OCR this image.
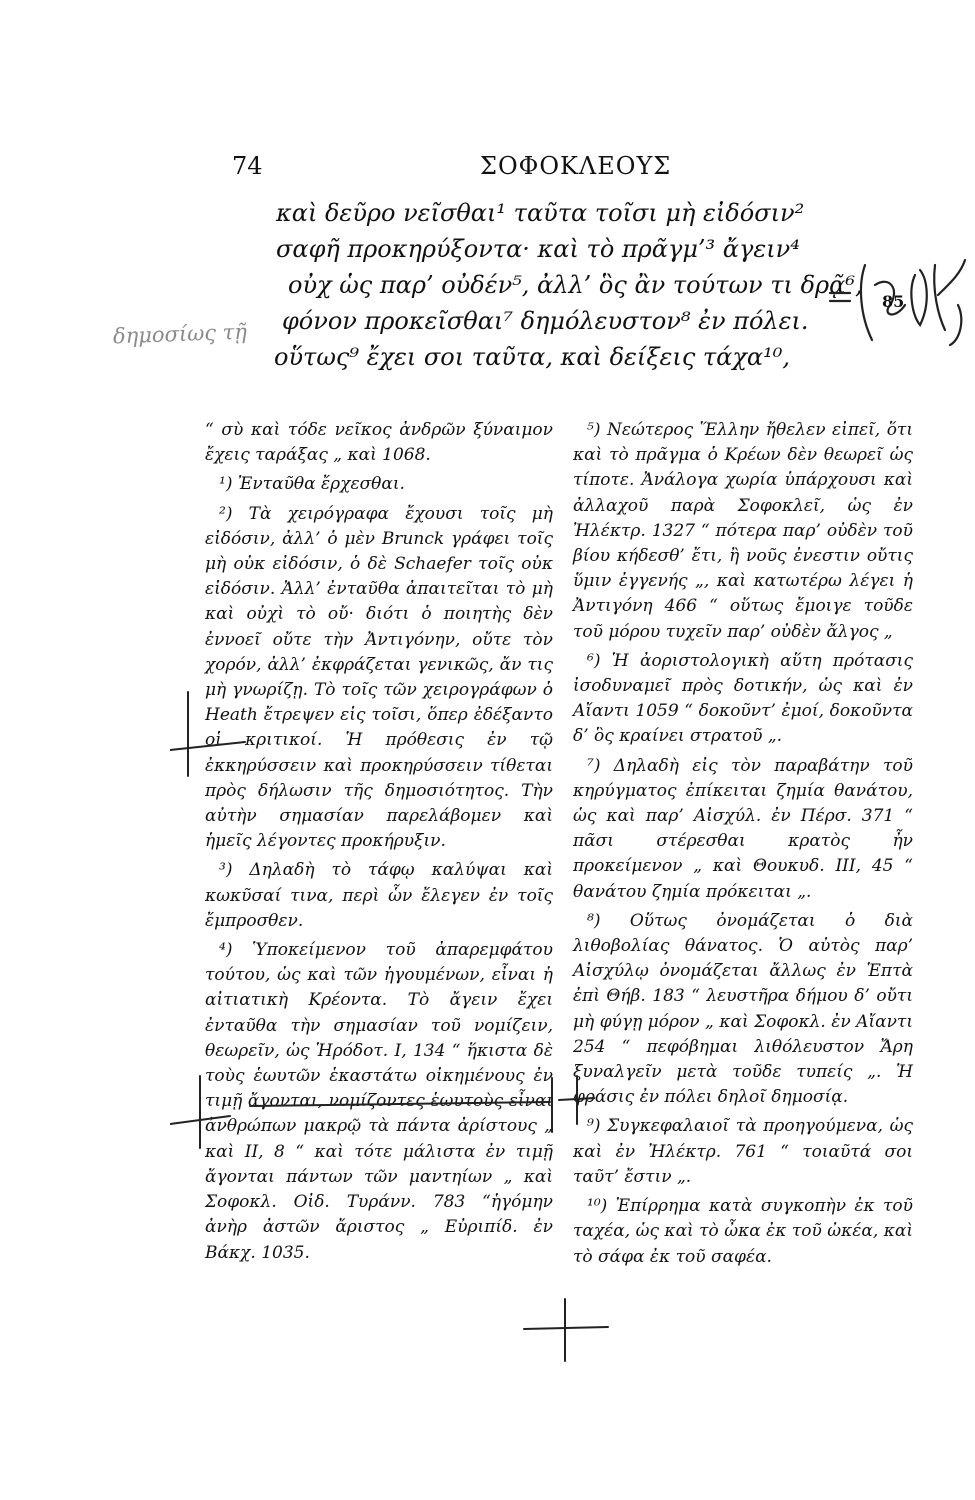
74	ΣΟΦΟΚΛΕΟΥΣ
καὶ δεῦρο νεῖσθαι¹ ταῦτα τοῖσι μὴ εἰδόσιν²
σαφῆ προκηρύξοντα· καὶ τὸ πρᾶγμ’³ ἄγειν⁴
οὐχ ὡς παρ’ οὐδέν⁵, ἀλλ’ ὃς ἂν τούτων τι δρᾷ⁶,
φόνον προκεῖσθαι⁷ δημόλευστον⁸ ἐν πόλει.
οὕτως⁹ ἔχει σοι ταῦτα, καὶ δείξεις τάχα¹⁰,
δημοσίως τῇ
85

“ σὺ καὶ τόδε νεῖκος ἀνδρῶν ξύναιμον ἔχεις ταράξας „ καὶ 1068.

¹) Ἐνταῦθα ἔρχεσθαι.

²) Τὰ χειρόγραφα ἔχουσι τοῖς μὴ εἰδόσιν, ἀλλ’ ὁ μὲν Brunck γράφει τοῖς μὴ οὐκ εἰδόσιν, ὁ δὲ Schaefer τοῖς οὐκ εἰδόσιν. Ἀλλ’ ἐνταῦθα ἀπαιτεῖται τὸ μὴ καὶ οὐχὶ τὸ οὔ· διότι ὁ ποιητὴς δὲν ἐννοεῖ οὔτε τὴν Ἀντιγόνην, οὔτε τὸν χορόν, ἀλλ’ ἐκφράζεται γενικῶς, ἄν τις μὴ γνωρίζῃ. Τὸ τοῖς τῶν χειρογράφων ὁ Heath ἔτρεψεν εἰς τοῖσι, ὅπερ ἐδέξαντο οἱ κριτικοί. Ἡ πρόθεσις ἐν τῷ ἐκκηρύσσειν καὶ προκηρύσσειν τίθεται πρὸς δήλωσιν τῆς δημοσιότητος. Τὴν αὐτὴν σημασίαν παρελάβομεν καὶ ἡμεῖς λέγοντες προκήρυξιν.

³) Δηλαδὴ τὸ τάφῳ καλύψαι καὶ κωκῦσαί τινα, περὶ ὧν ἔλεγεν ἐν τοῖς ἔμπροσθεν.

⁴) Ὑποκείμενον τοῦ ἀπαρεμφάτου τούτου, ὡς καὶ τῶν ἡγουμένων, εἶναι ἡ αἰτιατικὴ Κρέοντα. Τὸ ἄγειν ἔχει ἐνταῦθα τὴν σημασίαν τοῦ νομίζειν, θεωρεῖν, ὡς Ἡρόδοτ. I, 134 “ ἥκιστα δὲ τοὺς ἑωυτῶν ἑκαστάτω οἰκημένους ἐν τιμῇ ἄγονται, νομίζοντες ἑωυτοὺς εἶναι ἀνθρώπων μακρῷ τὰ πάντα ἀρίστους „ καὶ II, 8 “ καὶ τότε μάλιστα ἐν τιμῇ ἄγονται πάντων τῶν μαντηίων „ καὶ Σοφοκλ. Οἰδ. Τυράνν. 783 “ἡγόμην ἀνὴρ ἀστῶν ἄριστος „ Εὐριπίδ. ἐν Βάκχ. 1035.

⁵) Νεώτερος Ἕλλην ἤθελεν εἰπεῖ, ὅτι καὶ τὸ πρᾶγμα ὁ Κρέων δὲν θεωρεῖ ὡς τίποτε. Ἀνάλογα χωρία ὑπάρχουσι καὶ ἀλλαχοῦ παρὰ Σοφοκλεῖ, ὡς ἐν Ἠλέκτρ. 1327 “ πότερα παρ’ οὐδὲν τοῦ βίου κήδεσθ’ ἔτι, ἢ νοῦς ἐνεστιν οὔτις ὕμιν ἐγγενής „, καὶ κατωτέρω λέγει ἡ Ἀντιγόνη 466 “ οὕτως ἔμοιγε τοῦδε τοῦ μόρου τυχεῖν παρ’ οὐδὲν ἄλγος „

⁶) Ἡ ἀοριστολογικὴ αὕτη πρότασις ἰσοδυναμεῖ πρὸς δοτικήν, ὡς καὶ ἐν Αἴαντι 1059 “ δοκοῦντ’ ἐμοί, δοκοῦντα δ’ ὃς κραίνει στρατοῦ „.

⁷) Δηλαδὴ εἰς τὸν παραβάτην τοῦ κηρύγματος ἐπίκειται ζημία θανάτου, ὡς καὶ παρ’ Αἰσχύλ. ἐν Πέρσ. 371 “ πᾶσι στέρεσθαι κρατὸς ἦν προκείμενον „ καὶ Θουκυδ. III, 45 “ θανάτου ζημία πρόκειται „.

⁸) Οὕτως ὀνομάζεται ὁ διὰ λιθοβολίας θάνατος. Ὁ αὐτὸς παρ’ Αἰσχύλῳ ὀνομάζεται ἄλλως ἐν Ἑπτὰ ἐπὶ Θήβ. 183 “ λευστῆρα δήμου δ’ οὔτι μὴ φύγῃ μόρον „ καὶ Σοφοκλ. ἐν Αἴαντι 254 “ πεφόβημαι λιθόλευστον Ἄρη ξυναλγεῖν μετὰ τοῦδε τυπείς „. Ἡ φράσις ἐν πόλει δηλοῖ δημοσίᾳ.

⁹) Συγκεφαλαιοῖ τὰ προηγούμενα, ὡς καὶ ἐν Ἠλέκτρ. 761 “ τοιαῦτά σοι ταῦτ’ ἔστιν „.

¹⁰) Ἐπίρρημα κατὰ συγκοπὴν ἐκ τοῦ ταχέα, ὡς καὶ τὸ ὦκα ἐκ τοῦ ὠκέα, καὶ τὸ σάφα ἐκ τοῦ σαφέα.
